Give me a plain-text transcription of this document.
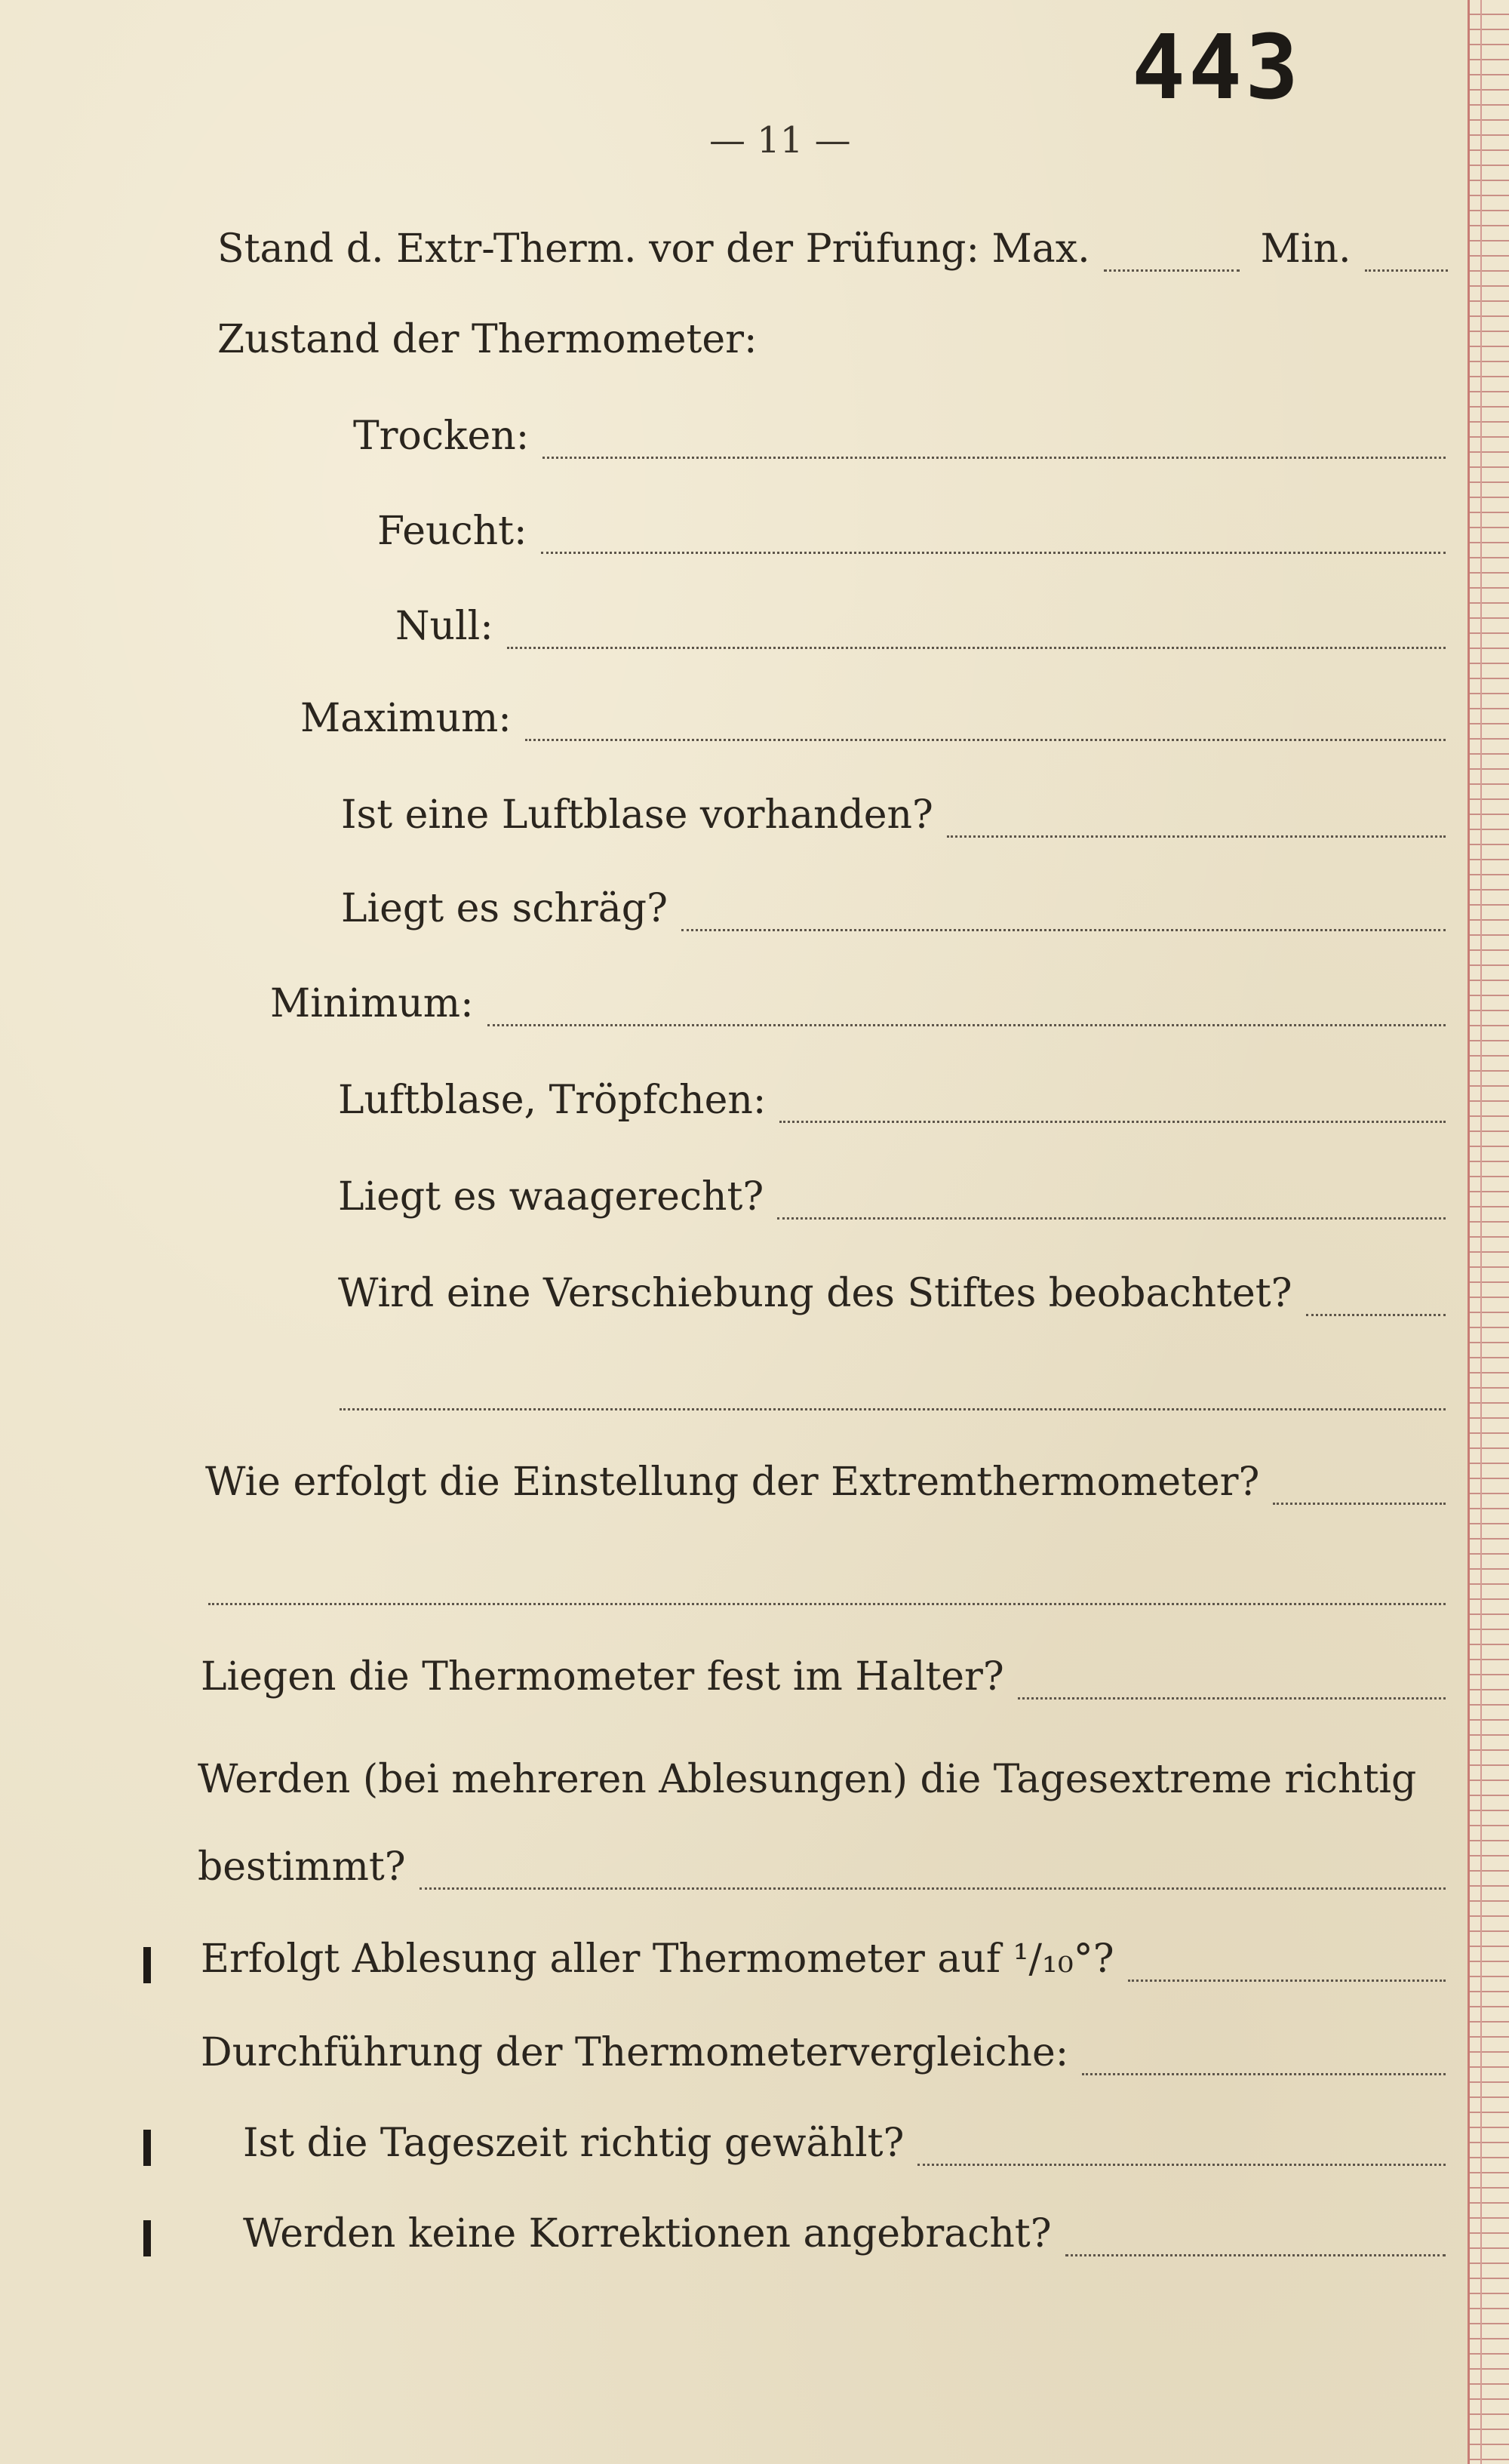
443
— 11 —
Stand d. Extr-Therm. vor der Prüfung: Max.	Min.
Zustand der Thermometer:
Trocken:
Feucht:
Null:
Maximum:
Ist eine Luftblase vorhanden?
Liegt es schräg?
Minimum:
Luftblase, Tröpfchen:
Liegt es waagerecht?
Wird eine Verschiebung des Stiftes beobachtet?
Wie erfolgt die Einstellung der Extremthermometer?
Liegen die Thermometer fest im Halter?
Werden (bei mehreren Ablesungen) die Tagesextreme richtig
bestimmt?
Erfolgt Ablesung aller Thermometer auf ¹/₁₀°?
Durchführung der Thermometervergleiche:
Ist die Tageszeit richtig gewählt?
Werden keine Korrektionen angebracht?
